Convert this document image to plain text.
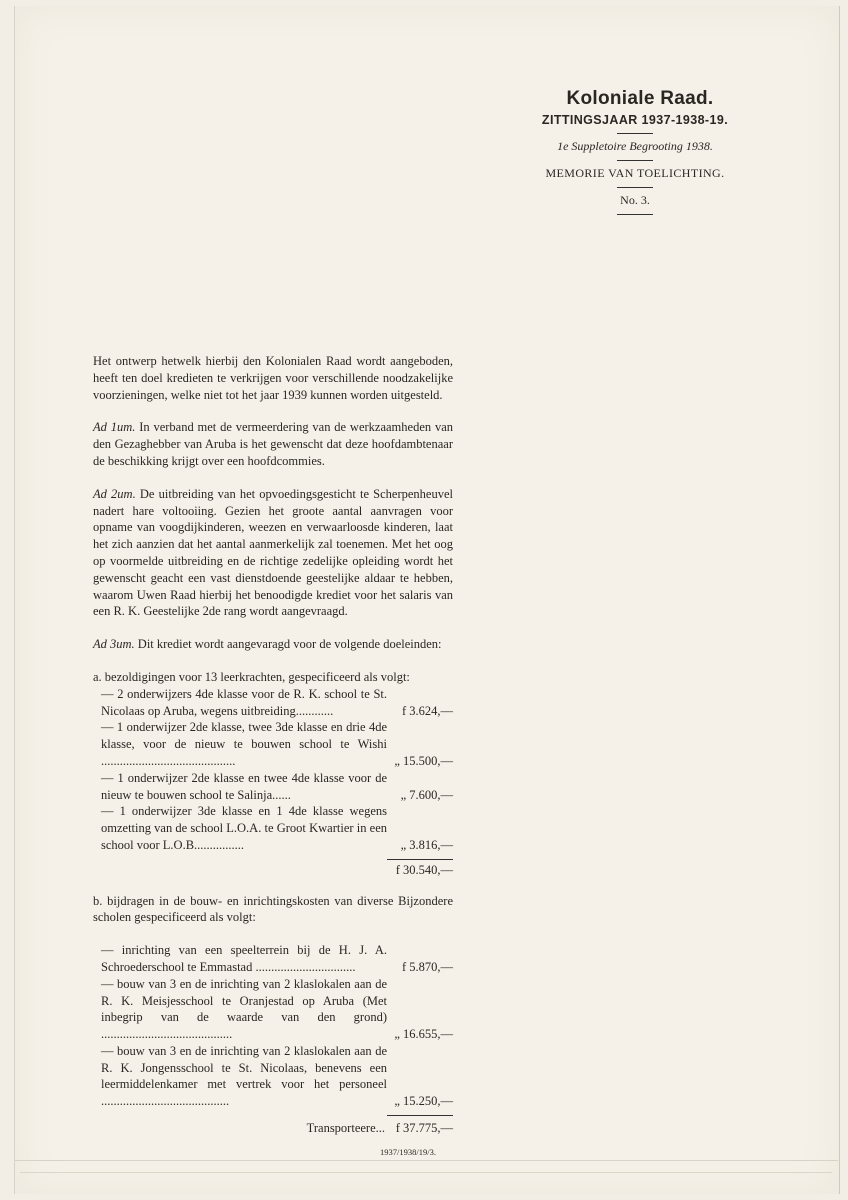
Koloniale Raad.
ZITTINGSJAAR 1937-1938-19.
1e Suppletoire Begrooting 1938.
MEMORIE VAN TOELICHTING.
No. 3.

Het ontwerp hetwelk hierbij den Kolonialen Raad wordt aangeboden, heeft ten doel kredieten te verkrijgen voor verschillende noodzakelijke voorzieningen, welke niet tot het jaar 1939 kunnen worden uitgesteld.

Ad 1um. In verband met de vermeerdering van de werkzaamheden van den Gezaghebber van Aruba is het gewenscht dat deze hoofdambtenaar de beschikking krijgt over een hoofdcommies.

Ad 2um. De uitbreiding van het opvoedingsgesticht te Scherpenheuvel nadert hare voltooiing. Gezien het groote aantal aanvragen voor opname van voogdijkinderen, weezen en verwaarloosde kinderen, laat het zich aanzien dat het aantal aanmerkelijk zal toenemen. Met het oog op voormelde uitbreiding en de richtige zedelijke opleiding wordt het gewenscht geacht een vast dienstdoende geestelijke aldaar te hebben, waarom Uwen Raad hierbij het benoodigde krediet voor het salaris van een R. K. Geestelijke 2de rang wordt aangevraagd.

Ad 3um. Dit krediet wordt aangevaragd voor de volgende doeleinden:

a. bezoldigingen voor 13 leerkrachten, gespecificeerd als volgt:
— 2 onderwijzers 4de klasse voor de R. K. school te St. Nicolaas op Aruba, wegens uitbreiding............	f 3.624,—
— 1 onderwijzer 2de klasse, twee 3de klasse en drie 4de klasse, voor de nieuw te bouwen school te Wishi ...........................................	„ 15.500,—
— 1 onderwijzer 2de klasse en twee 4de klasse voor de nieuw te bouwen school te Salinja......	„ 7.600,—
— 1 onderwijzer 3de klasse en 1 4de klasse wegens omzetting van de school L.O.A. te Groot Kwartier in een school voor L.O.B................	„ 3.816,—
f 30.540,—
b. bijdragen in de bouw- en inrichtingskosten van diverse Bijzondere scholen gespecificeerd als volgt:
— inrichting van een speelterrein bij de H. J. A. Schroederschool te Emmastad ................................	f 5.870,—
— bouw van 3 en de inrichting van 2 klaslokalen aan de R. K. Meisjesschool te Oranjestad op Aruba (Met inbegrip van de waarde van den grond) ..........................................	„ 16.655,—
— bouw van 3 en de inrichting van 2 klaslokalen aan de R. K. Jongensschool te St. Nicolaas, benevens een leermiddelenkamer met vertrek voor het personeel .........................................	„ 15.250,—
Transporteere... f 37.775,—
1937/1938/19/3.
